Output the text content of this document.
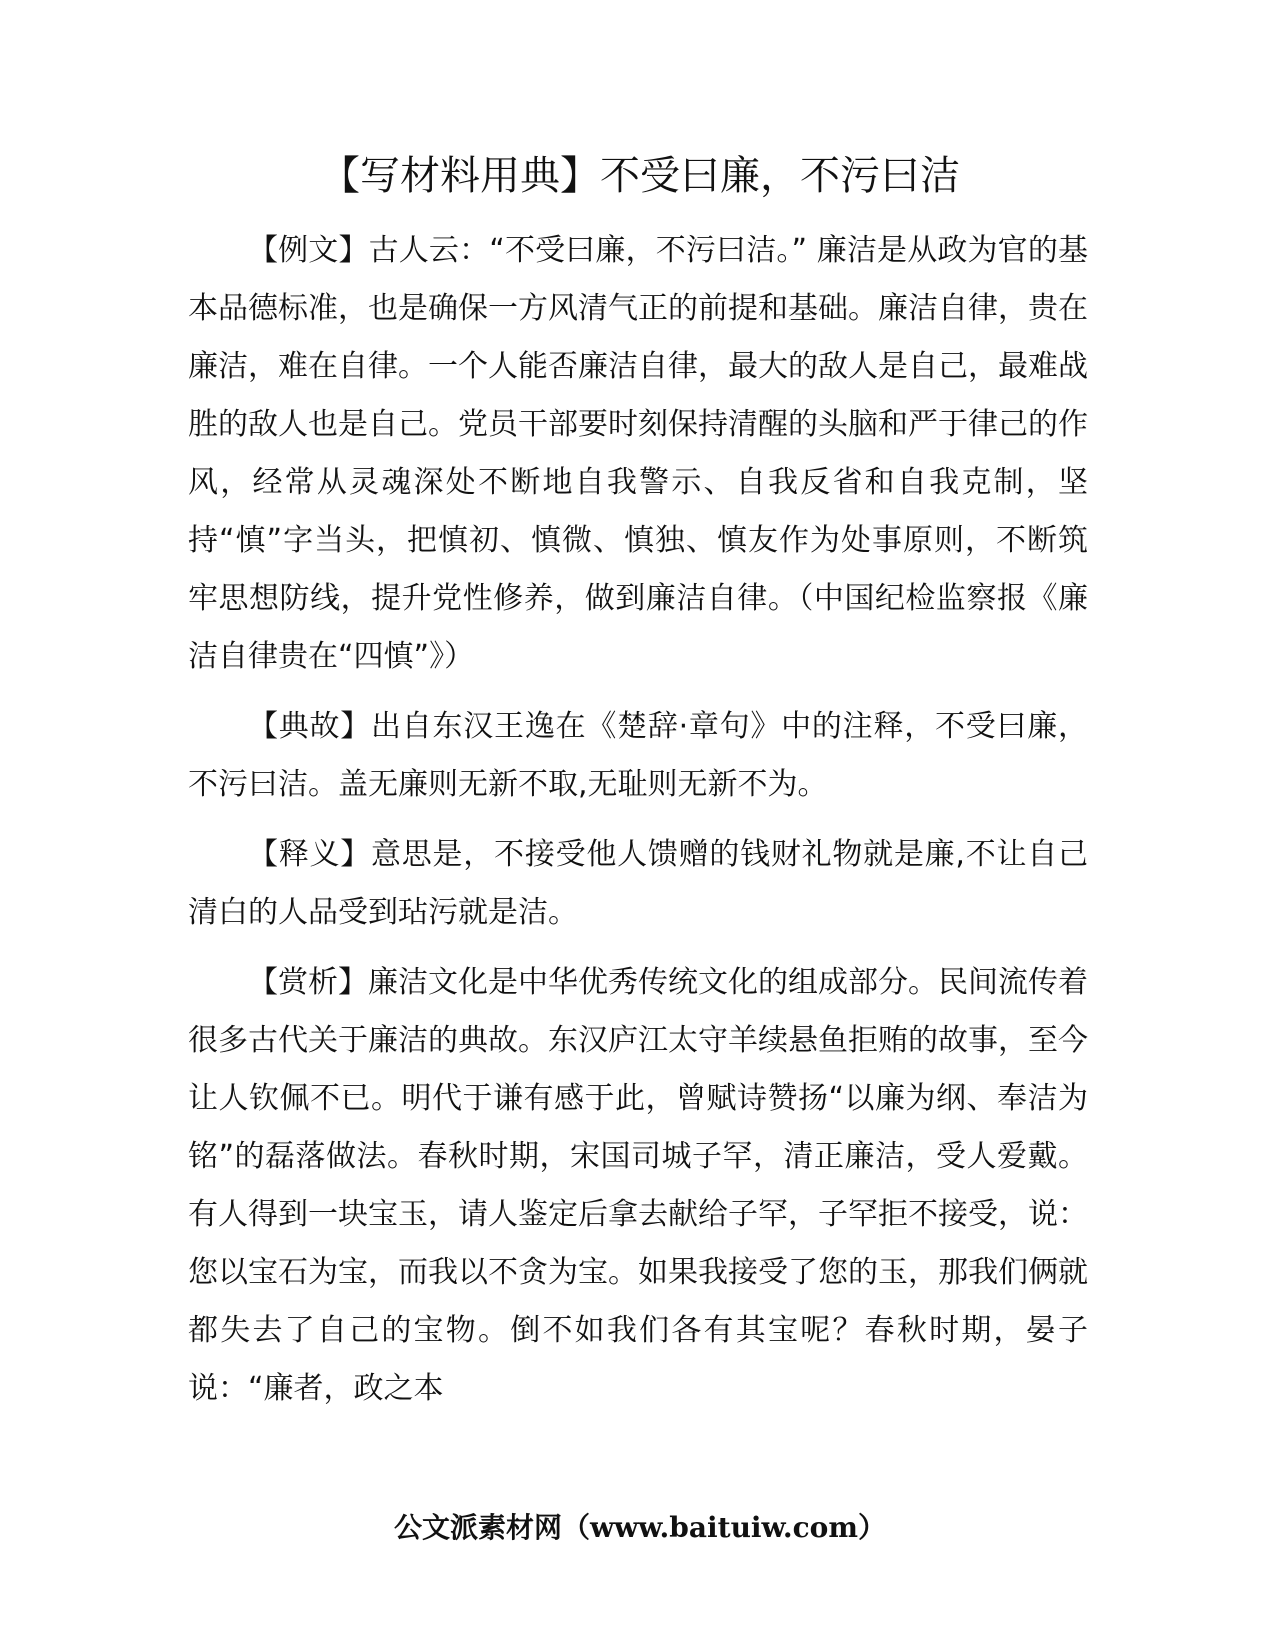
【写材料用典】不受曰廉，不污曰洁

【例文】古人云：“不受曰廉，不污曰洁。” 廉洁是从政为官的基本品德标准，也是确保一方风清气正的前提和基础。廉洁自律，贵在廉洁，难在自律。一个人能否廉洁自律，最大的敌人是自己，最难战胜的敌人也是自己。党员干部要时刻保持清醒的头脑和严于律己的作风，经常从灵魂深处不断地自我警示、自我反省和自我克制，坚持“慎”字当头，把慎初、慎微、慎独、慎友作为处事原则，不断筑牢思想防线，提升党性修养，做到廉洁自律。（中国纪检监察报《廉洁自律贵在“四慎”》）

【典故】出自东汉王逸在《楚辞·章句》中的注释，不受曰廉，不污曰洁。盖无廉则无新不取,无耻则无新不为。

【释义】意思是，不接受他人馈赠的钱财礼物就是廉,不让自己清白的人品受到玷污就是洁。

【赏析】廉洁文化是中华优秀传统文化的组成部分。民间流传着很多古代关于廉洁的典故。东汉庐江太守羊续悬鱼拒贿的故事，至今让人钦佩不已。明代于谦有感于此，曾赋诗赞扬“以廉为纲、奉洁为铭”的磊落做法。春秋时期，宋国司城子罕，清正廉洁，受人爱戴。有人得到一块宝玉，请人鉴定后拿去献给子罕，子罕拒不接受，说：您以宝石为宝，而我以不贪为宝。如果我接受了您的玉，那我们俩就都失去了自己的宝物。倒不如我们各有其宝呢？春秋时期，晏子说：“廉者，政之本

公文派素材网（www.baituiw.com）
